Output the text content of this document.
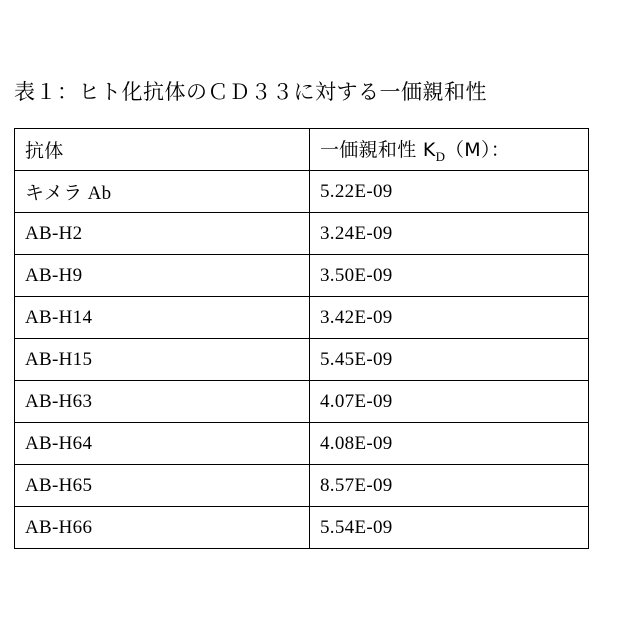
表１：ヒト化抗体のＣＤ３３に対する一価親和性
抗体	一価親和性 $K_D(M)$：
キメラ Ab	5.22E-09
AB-H2	3.24E-09
AB-H9	3.50E-09
AB-H14	3.42E-09
AB-H15	5.45E-09
AB-H63	4.07E-09
AB-H64	4.08E-09
AB-H65	8.57E-09
AB-H66	5.54E-09
